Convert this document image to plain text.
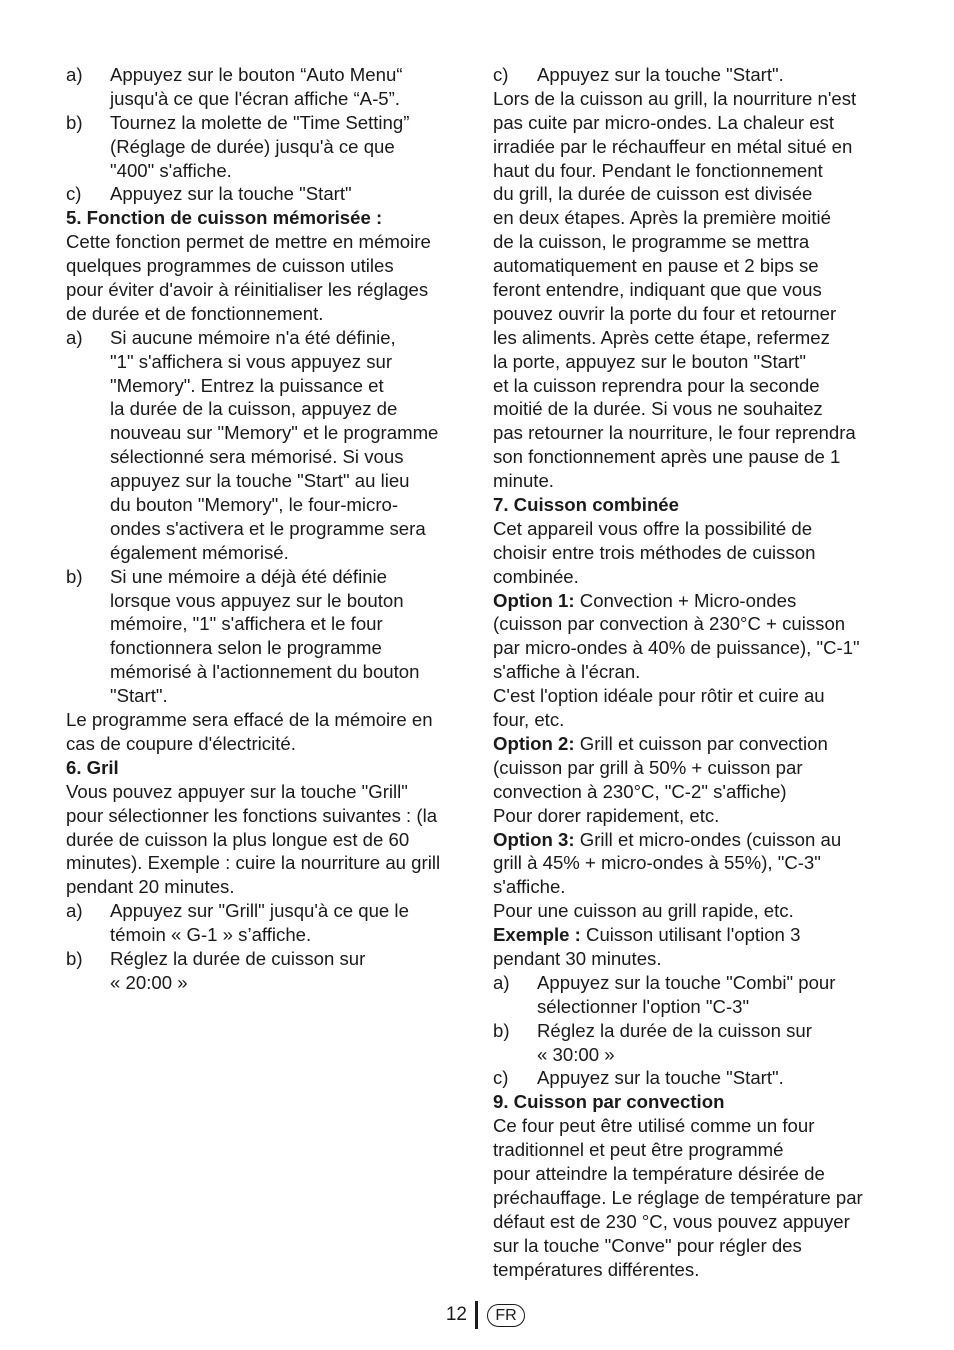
a)	Appuyez sur le bouton “Auto Menu“
jusqu'à ce que l'écran affiche “A-5”.
b)	Tournez la molette de "Time Setting”
(Réglage de durée) jusqu'à ce que
"400" s'affiche.
c)	Appuyez sur la touche "Start"
5. Fonction de cuisson mémorisée :
Cette fonction permet de mettre en mémoire
quelques programmes de cuisson utiles
pour éviter d'avoir à réinitialiser les réglages
de durée et de fonctionnement.
a)	Si aucune mémoire n'a été définie,
"1" s'affichera si vous appuyez sur
"Memory". Entrez la puissance et
la durée de la cuisson, appuyez de
nouveau sur "Memory" et le programme
sélectionné sera mémorisé. Si vous
appuyez sur la touche "Start" au lieu
du bouton "Memory", le four-micro-
ondes s'activera et le programme sera
également mémorisé.
b)	Si une mémoire a déjà été définie
lorsque vous appuyez sur le bouton
mémoire, "1" s'affichera et le four
fonctionnera selon le programme
mémorisé à l'actionnement du bouton
"Start".
Le programme sera effacé de la mémoire en
cas de coupure d'électricité.
6. Gril
Vous pouvez appuyer sur la touche "Grill"
pour sélectionner les fonctions suivantes : (la
durée de cuisson la plus longue est de 60
minutes). Exemple : cuire la nourriture au grill
pendant 20 minutes.
a)	Appuyez sur "Grill" jusqu'à ce que le
témoin « G-1 » s’affiche.
b)	Réglez la durée de cuisson sur
« 20:00 »
c)	Appuyez sur la touche "Start".
Lors de la cuisson au grill, la nourriture n'est
pas cuite par micro-ondes. La chaleur est
irradiée par le réchauffeur en métal situé en
haut du four. Pendant le fonctionnement
du grill, la durée de cuisson est divisée
en deux étapes. Après la première moitié
de la cuisson, le programme se mettra
automatiquement en pause et 2 bips se
feront entendre, indiquant que que vous
pouvez ouvrir la porte du four et retourner
les aliments. Après cette étape, refermez
la porte, appuyez sur le bouton "Start"
et la cuisson reprendra pour la seconde
moitié de la durée. Si vous ne souhaitez
pas retourner la nourriture, le four reprendra
son fonctionnement après une pause de 1
minute.
7. Cuisson combinée
Cet appareil vous offre la possibilité de
choisir entre trois méthodes de cuisson
combinée.
Option 1: Convection + Micro-ondes
(cuisson par convection à 230°C + cuisson
par micro-ondes à 40% de puissance), "C-1"
s'affiche à l'écran.
C'est l'option idéale pour rôtir et cuire au
four, etc.
Option 2: Grill et cuisson par convection
(cuisson par grill à 50% + cuisson par
convection à 230°C, "C-2" s'affiche)
Pour dorer rapidement, etc.
Option 3: Grill et micro-ondes (cuisson au
grill à 45% + micro-ondes à 55%), "C-3"
s'affiche.
Pour une cuisson au grill rapide, etc.
Exemple : Cuisson utilisant l'option 3
pendant 30 minutes.
a)	Appuyez sur la touche "Combi" pour
sélectionner l'option "C-3"
b)	Réglez la durée de la cuisson sur
« 30:00 »
c)	Appuyez sur la touche "Start".
9. Cuisson par convection
Ce four peut être utilisé comme un four
traditionnel et peut être programmé
pour atteindre la température désirée de
préchauffage. Le réglage de température par
défaut est de 230 °C, vous pouvez appuyer
sur la touche "Conve" pour régler des
températures différentes.
12	FR
